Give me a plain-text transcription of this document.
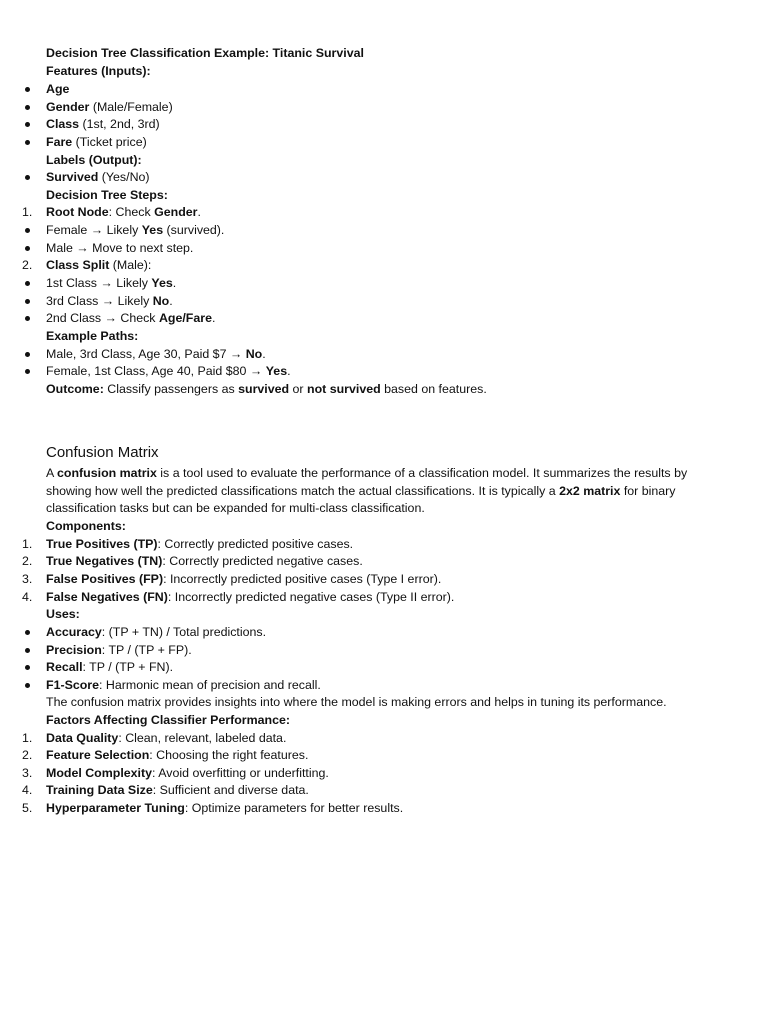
Decision Tree Classification Example: Titanic Survival
Features (Inputs):
Age
Gender (Male/Female)
Class (1st, 2nd, 3rd)
Fare (Ticket price)
Labels (Output):
Survived (Yes/No)
Decision Tree Steps:
1.	Root Node: Check Gender.
Female → Likely Yes (survived).
Male → Move to next step.
2.	Class Split (Male):
1st Class → Likely Yes.
3rd Class → Likely No.
2nd Class → Check Age/Fare.
Example Paths:
Male, 3rd Class, Age 30, Paid $7 → No.
Female, 1st Class, Age 40, Paid $80 → Yes.
Outcome: Classify passengers as survived or not survived based on features.
Confusion Matrix
A confusion matrix is a tool used to evaluate the performance of a classification model. It summarizes the results by
showing how well the predicted classifications match the actual classifications. It is typically a 2x2 matrix for binary
classification tasks but can be expanded for multi-class classification.
Components:
1.	True Positives (TP): Correctly predicted positive cases.
2.	True Negatives (TN): Correctly predicted negative cases.
3.	False Positives (FP): Incorrectly predicted positive cases (Type I error).
4.	False Negatives (FN): Incorrectly predicted negative cases (Type II error).
Uses:
Accuracy: (TP + TN) / Total predictions.
Precision: TP / (TP + FP).
Recall: TP / (TP + FN).
F1-Score: Harmonic mean of precision and recall.
The confusion matrix provides insights into where the model is making errors and helps in tuning its performance.
Factors Affecting Classifier Performance:
1.	Data Quality: Clean, relevant, labeled data.
2.	Feature Selection: Choosing the right features.
3.	Model Complexity: Avoid overfitting or underfitting.
4.	Training Data Size: Sufficient and diverse data.
5.	Hyperparameter Tuning: Optimize parameters for better results.
